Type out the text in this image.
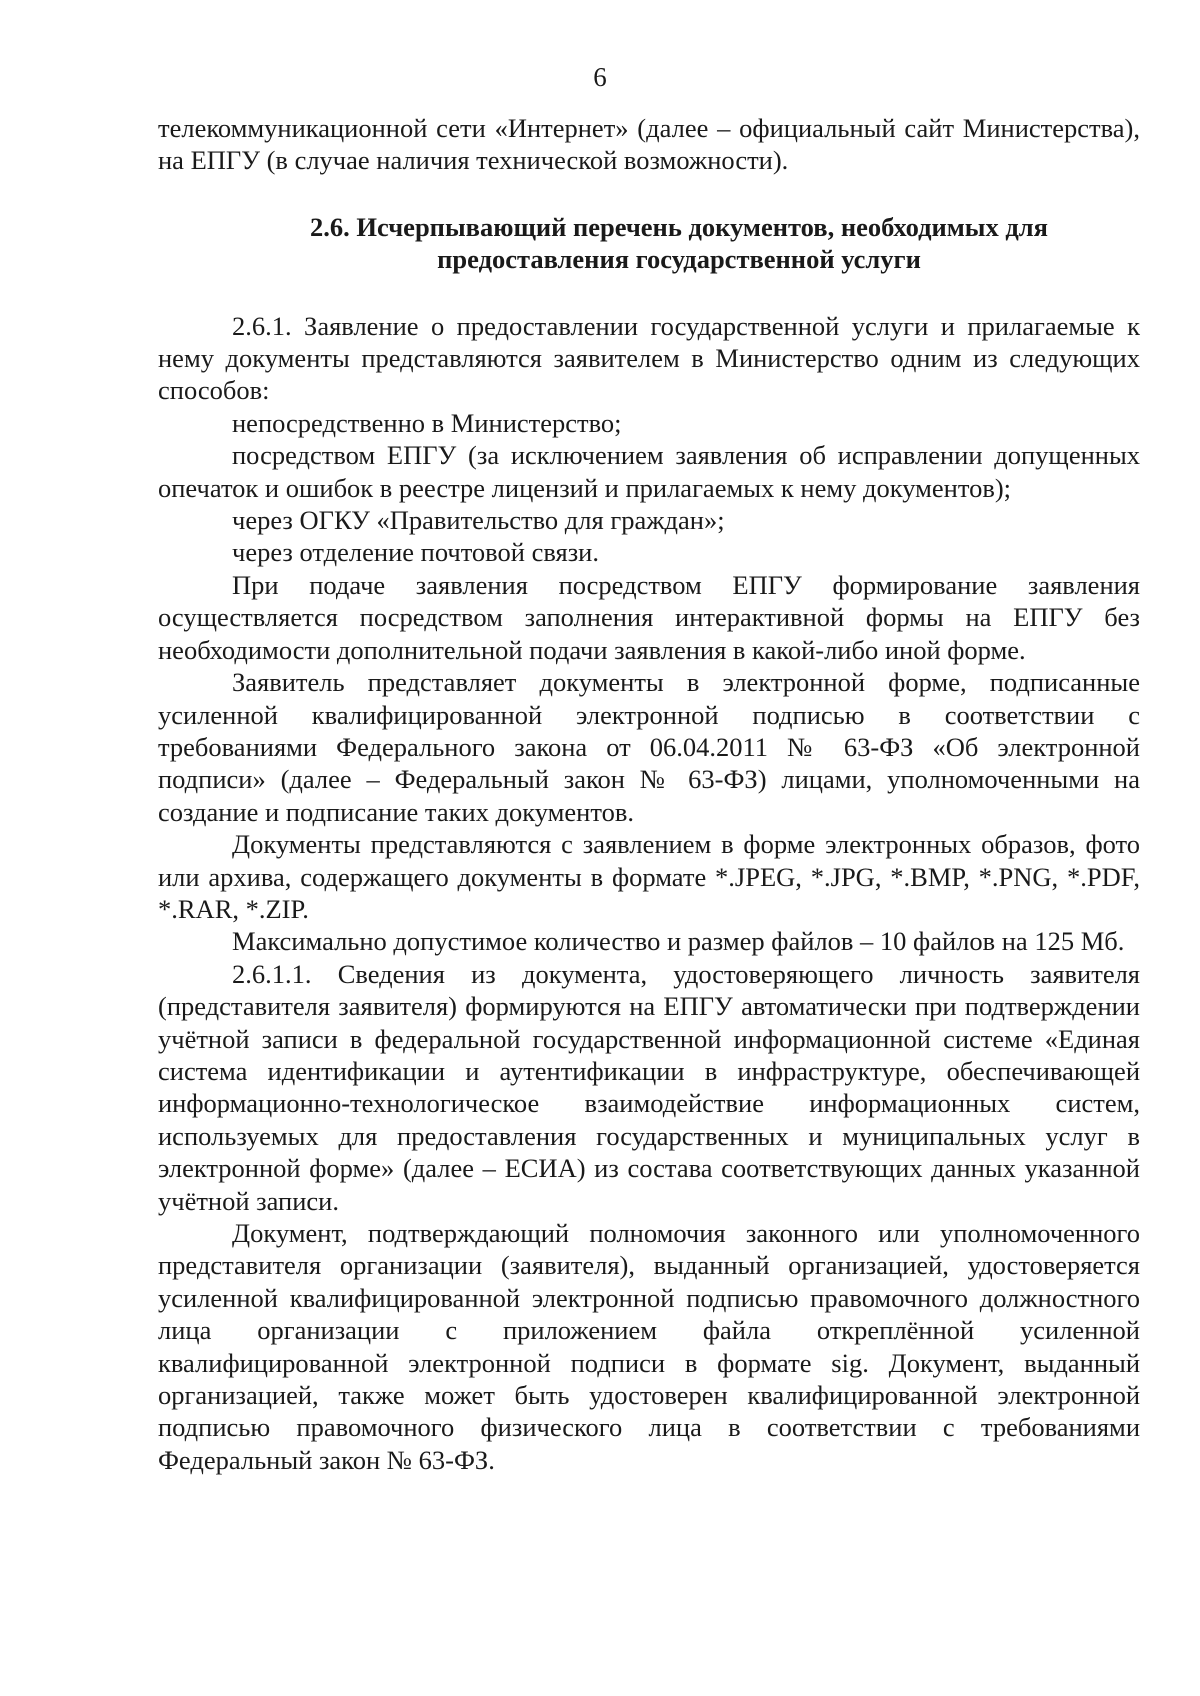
6

телекоммуникационной сети «Интернет» (далее – официальный сайт Министерства), на ЕПГУ (в случае наличия технической возможности).

2.6. Исчерпывающий перечень документов, необходимых для
предоставления государственной услуги

2.6.1. Заявление о предоставлении государственной услуги и прилагаемые к нему документы представляются заявителем в Министерство одним из следующих способов:

непосредственно в Министерство;

посредством ЕПГУ (за исключением заявления об исправлении допущенных опечаток и ошибок в реестре лицензий и прилагаемых к нему документов);

через ОГКУ «Правительство для граждан»;

через отделение почтовой связи.

При подаче заявления посредством ЕПГУ формирование заявления осуществляется посредством заполнения интерактивной формы на ЕПГУ без необходимости дополнительной подачи заявления в какой-либо иной форме.

Заявитель представляет документы в электронной форме, подписанные усиленной квалифицированной электронной подписью в соответствии с требованиями Федерального закона от 06.04.2011 № 63-ФЗ «Об электронной подписи» (далее – Федеральный закон № 63-ФЗ) лицами, уполномоченными на создание и подписание таких документов.

Документы представляются с заявлением в форме электронных образов, фото или архива, содержащего документы в формате *.JPEG, *.JPG, *.BMP, *.PNG, *.PDF, *.RAR, *.ZIP.

Максимально допустимое количество и размер файлов – 10 файлов на 125 Мб.

2.6.1.1. Сведения из документа, удостоверяющего личность заявителя (представителя заявителя) формируются на ЕПГУ автоматически при подтверждении учётной записи в федеральной государственной информационной системе «Единая система идентификации и аутентификации в инфраструктуре, обеспечивающей информационно-технологическое взаимодействие информационных систем, используемых для предоставления государственных и муниципальных услуг в электронной форме» (далее – ЕСИА) из состава соответствующих данных указанной учётной записи.

Документ, подтверждающий полномочия законного или уполномоченного представителя организации (заявителя), выданный организацией, удостоверяется усиленной квалифицированной электронной подписью правомочного должностного лица организации с приложением файла откреплённой усиленной квалифицированной электронной подписи в формате sig. Документ, выданный организацией, также может быть удостоверен квалифицированной электронной подписью правомочного физического лица в соответствии с требованиями Федеральный закон № 63-ФЗ.
